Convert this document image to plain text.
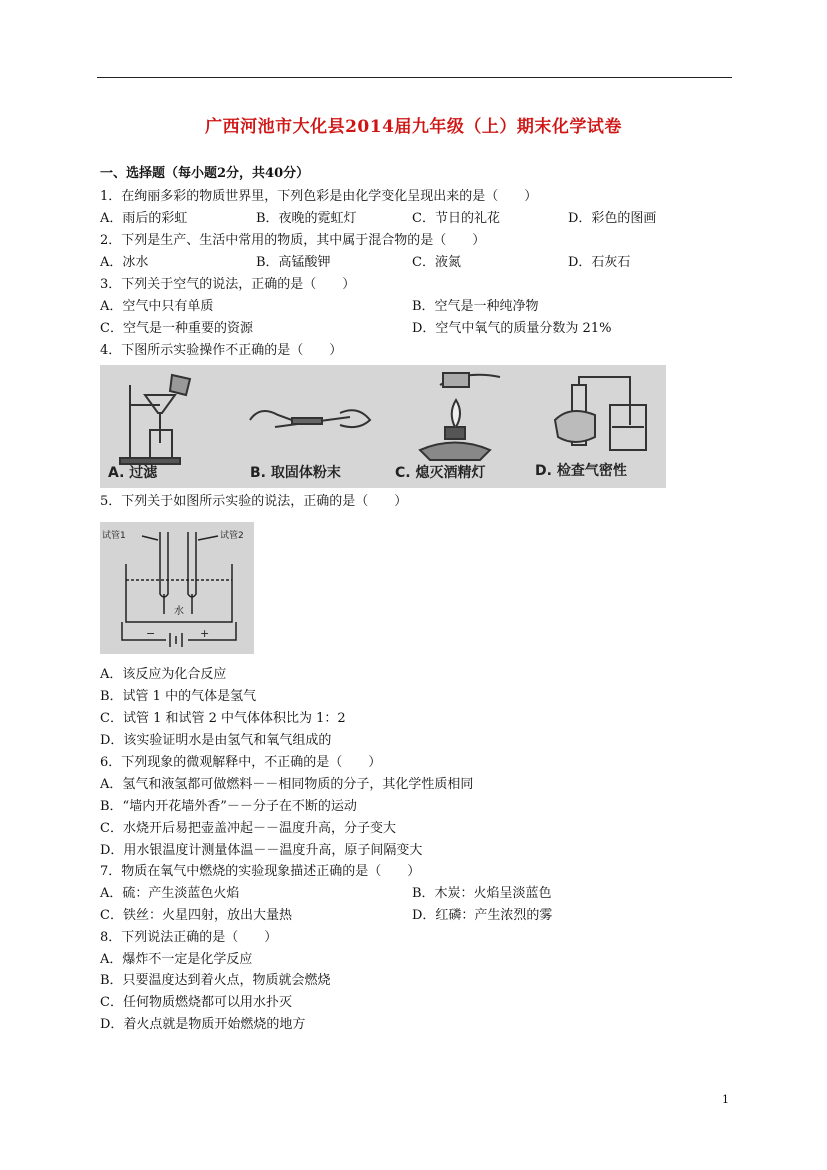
广西河池市大化县2014届九年级（上）期末化学试卷
一、选择题（每小题2分，共40分）
1．在绚丽多彩的物质世界里，下列色彩是由化学变化呈现出来的是（　　）
A．雨后的彩虹	B．夜晚的霓虹灯	C．节日的礼花	D．彩色的图画
2．下列是生产、生活中常用的物质，其中属于混合物的是（　　）
A．冰水	B．高锰酸钾	C．液氮	D．石灰石
3．下列关于空气的说法，正确的是（　　）
A．空气中只有单质	B．空气是一种纯净物
C．空气是一种重要的资源	D．空气中氧气的质量分数为 21%
4．下图所示实验操作不正确的是（　　）
A. 过滤	B. 取固体粉末	C. 熄灭酒精灯	D. 检查气密性
5．下列关于如图所示实验的说法，正确的是（　　）
试管1	试管2
水
−	+
A．该反应为化合反应
B．试管 1 中的气体是氢气
C．试管 1 和试管 2 中气体体积比为 1：2
D．该实验证明水是由氢气和氧气组成的
6．下列现象的微观解释中，不正确的是（　　）
A．氢气和液氢都可做燃料－－相同物质的分子，其化学性质相同
B．“墙内开花墙外香”－－分子在不断的运动
C．水烧开后易把壶盖冲起－－温度升高，分子变大
D．用水银温度计测量体温－－温度升高，原子间隔变大
7．物质在氧气中燃烧的实验现象描述正确的是（　　）
A．硫：产生淡蓝色火焰	B．木炭：火焰呈淡蓝色
C．铁丝：火星四射，放出大量热	D．红磷：产生浓烈的雾
8．下列说法正确的是（　　）
A．爆炸不一定是化学反应
B．只要温度达到着火点，物质就会燃烧
C．任何物质燃烧都可以用水扑灭
D．着火点就是物质开始燃烧的地方
1
